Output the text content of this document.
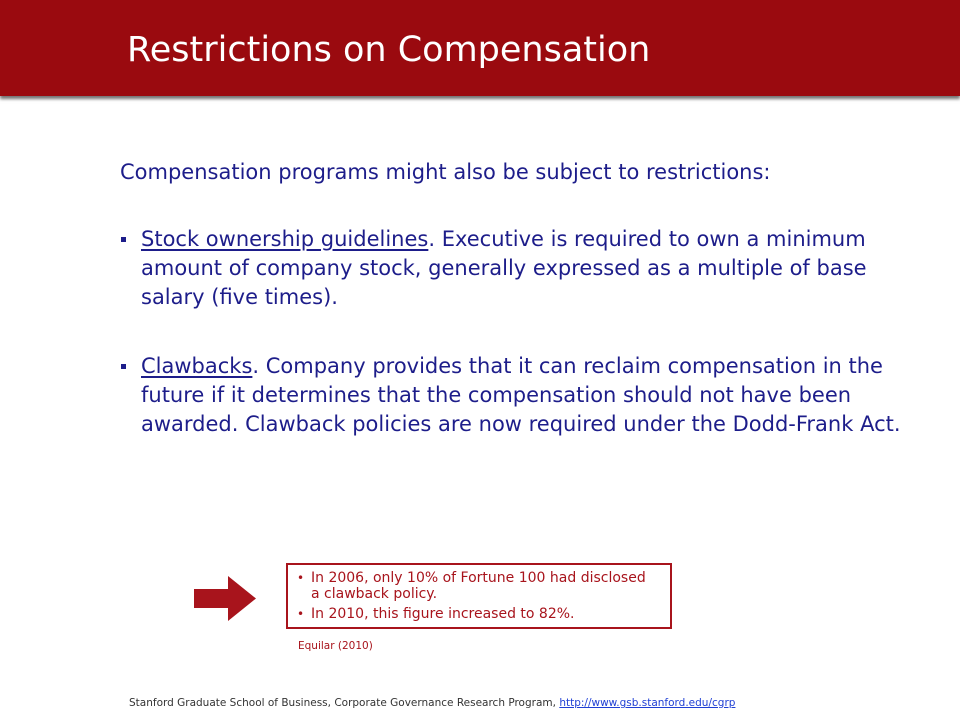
Restrictions on Compensation
Compensation programs might also be subject to restrictions:
Stock ownership guidelines. Executive is required to own a minimum amount of company stock, generally expressed as a multiple of base salary (five times).
Clawbacks. Company provides that it can reclaim compensation in the future if it determines that the compensation should not have been awarded. Clawback policies are now required under the Dodd-Frank Act.
• In 2006, only 10% of Fortune 100 had disclosed a clawback policy.
• In 2010, this figure increased to 82%.
Equilar (2010)
Stanford Graduate School of Business, Corporate Governance Research Program, http://www.gsb.stanford.edu/cgrp
